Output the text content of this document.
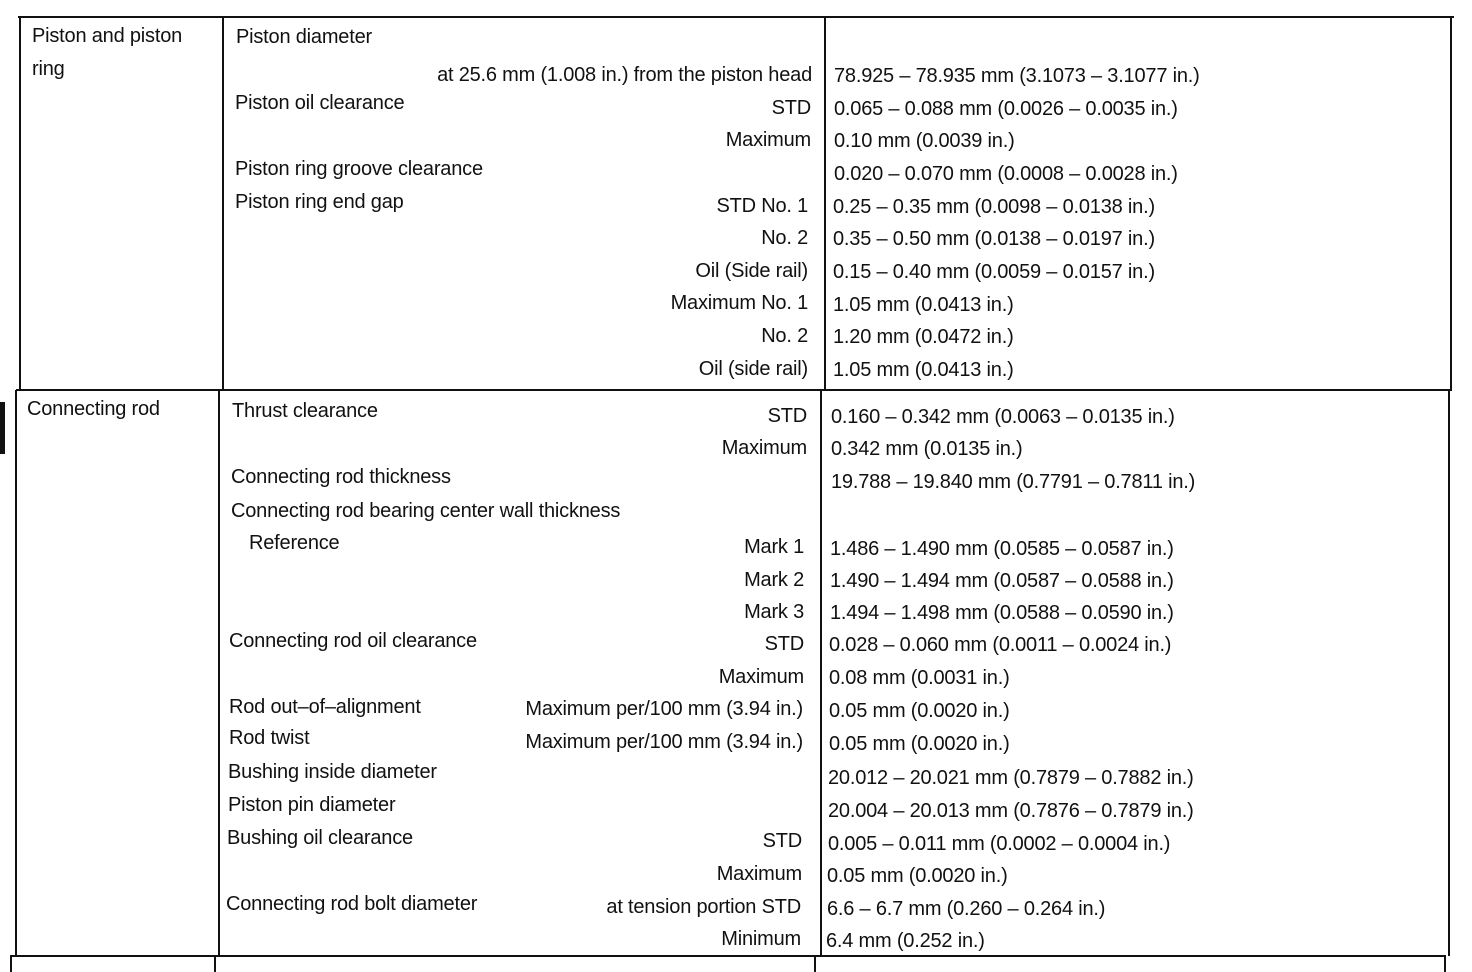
Piston and piston
ring
Piston diameter
at 25.6 mm (1.008 in.) from the piston head 78.925 – 78.935 mm (3.1073 – 3.1077 in.)
Piston oil clearance	STD 0.065 – 0.088 mm (0.0026 – 0.0035 in.)
Maximum 0.10 mm (0.0039 in.)
Piston ring groove clearance	0.020 – 0.070 mm (0.0008 – 0.0028 in.)
Piston ring end gap	STD No. 1 0.25 – 0.35 mm (0.0098 – 0.0138 in.)
No. 2 0.35 – 0.50 mm (0.0138 – 0.0197 in.)
Oil (Side rail) 0.15 – 0.40 mm (0.0059 – 0.0157 in.)
Maximum No. 1 1.05 mm (0.0413 in.)
No. 2 1.20 mm (0.0472 in.)
Oil (side rail) 1.05 mm (0.0413 in.)
Connecting rod	Thrust clearance	STD 0.160 – 0.342 mm (0.0063 – 0.0135 in.)
Maximum 0.342 mm (0.0135 in.)
Connecting rod thickness	19.788 – 19.840 mm (0.7791 – 0.7811 in.)
Connecting rod bearing center wall thickness
Reference	Mark 1 1.486 – 1.490 mm (0.0585 – 0.0587 in.)
Mark 2 1.490 – 1.494 mm (0.0587 – 0.0588 in.)
Mark 3 1.494 – 1.498 mm (0.0588 – 0.0590 in.)
Connecting rod oil clearance	STD 0.028 – 0.060 mm (0.0011 – 0.0024 in.)
Maximum 0.08 mm (0.0031 in.)
Rod out–of–alignment	Maximum per/100 mm (3.94 in.) 0.05 mm (0.0020 in.)
Rod twist	Maximum per/100 mm (3.94 in.) 0.05 mm (0.0020 in.)
Bushing inside diameter	20.012 – 20.021 mm (0.7879 – 0.7882 in.)
Piston pin diameter	20.004 – 20.013 mm (0.7876 – 0.7879 in.)
Bushing oil clearance	STD 0.005 – 0.011 mm (0.0002 – 0.0004 in.)
Maximum 0.05 mm (0.0020 in.)
Connecting rod bolt diameter	at tension portion STD 6.6 – 6.7 mm (0.260 – 0.264 in.)
Minimum 6.4 mm (0.252 in.)
